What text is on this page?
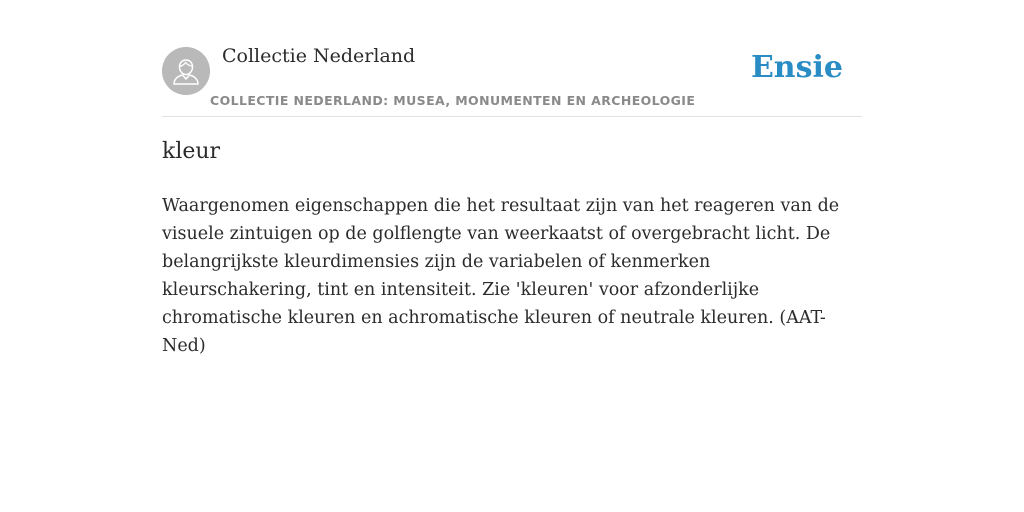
Collectie Nederland
COLLECTIE NEDERLAND: MUSEA, MONUMENTEN EN ARCHEOLOGIE
Ensie
kleur

Waargenomen eigenschappen die het resultaat zijn van het reageren van de visuele zintuigen op de golflengte van weerkaatst of overgebracht licht. De belangrijkste kleurdimensies zijn de variabelen of kenmerken kleurschakering, tint en intensiteit. Zie 'kleuren' voor afzonderlijke chromatische kleuren en achromatische kleuren of neutrale kleuren. (AAT-Ned)
